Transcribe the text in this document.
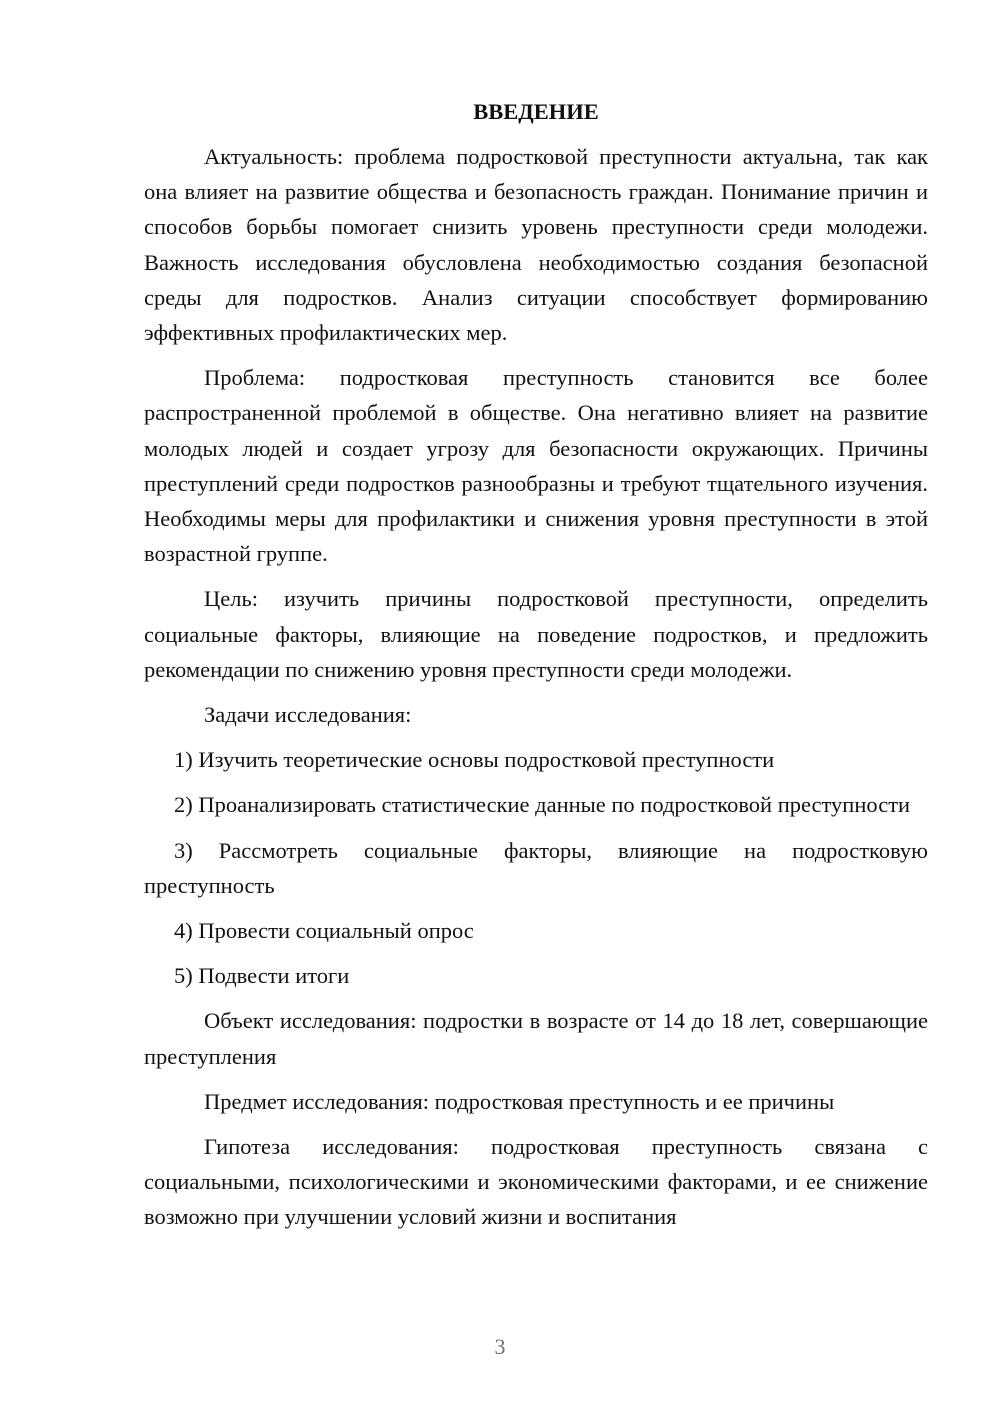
ВВЕДЕНИЕ

Актуальность: проблема подростковой преступности актуальна, так как она влияет на развитие общества и безопасность граждан. Понимание причин и способов борьбы помогает снизить уровень преступности среди молодежи. Важность исследования обусловлена необходимостью создания безопасной среды для подростков. Анализ ситуации способствует формированию эффективных профилактических мер.

Проблема: подростковая преступность становится все более распространенной проблемой в обществе. Она негативно влияет на развитие молодых людей и создает угрозу для безопасности окружающих. Причины преступлений среди подростков разнообразны и требуют тщательного изучения. Необходимы меры для профилактики и снижения уровня преступности в этой возрастной группе.

Цель: изучить причины подростковой преступности, определить социальные факторы, влияющие на поведение подростков, и предложить рекомендации по снижению уровня преступности среди молодежи.

Задачи исследования:

1) Изучить теоретические основы подростковой преступности

2) Проанализировать статистические данные по подростковой преступности

3) Рассмотреть социальные факторы, влияющие на подростковую преступность

4) Провести социальный опрос

5) Подвести итоги

Объект исследования: подростки в возрасте от 14 до 18 лет, совершающие преступления

Предмет исследования: подростковая преступность и ее причины

Гипотеза исследования: подростковая преступность связана с социальными, психологическими и экономическими факторами, и ее снижение возможно при улучшении условий жизни и воспитания

3
